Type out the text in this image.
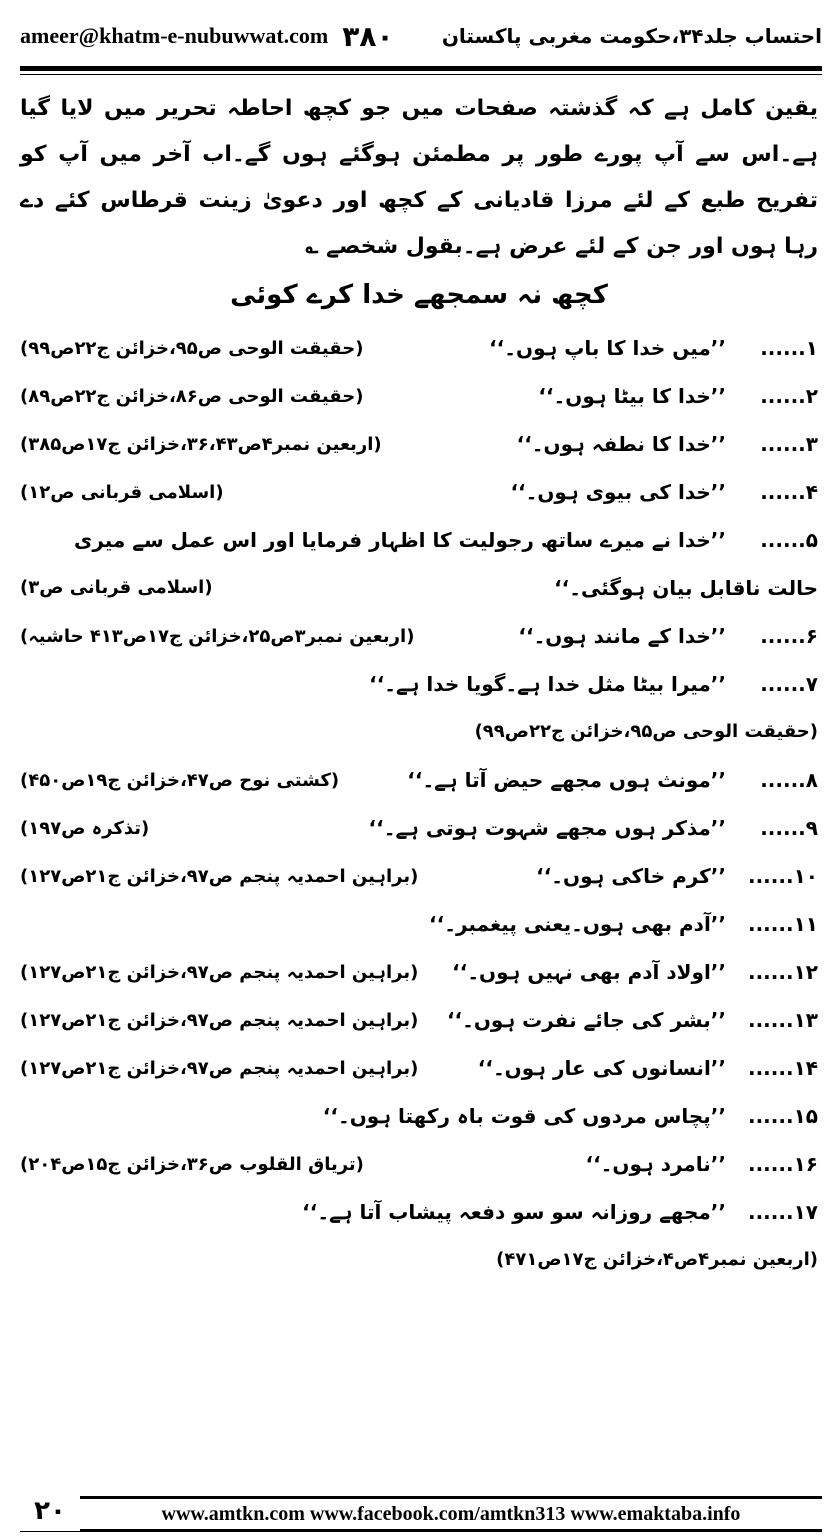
ameer@khatm-e-nubuwwat.com ۳۸۰ احتساب جلد۳۴،حکومت مغربی پاکستان

یقین کامل ہے کہ گذشتہ صفحات میں جو کچھ احاطہ تحریر میں لایا گیا ہے۔اس سے آپ پورے طور پر مطمئن ہوگئے ہوں گے۔اب آخر میں آپ کو تفریح طبع کے لئے مرزا قادیانی کے کچھ اور دعویٰ زینت قرطاس کئے دے رہا ہوں اور جن کے لئے عرض ہے۔بقول شخصے ؎

کچھ نہ سمجھے خدا کرے کوئی

۱......
’’میں خدا کا باپ ہوں۔‘‘
(حقیقت الوحی ص۹۵،خزائن ج۲۲ص۹۹)
۲......
’’خدا کا بیٹا ہوں۔‘‘
(حقیقت الوحی ص۸۶،خزائن ج۲۲ص۸۹)
۳......
’’خدا کا نطفہ ہوں۔‘‘
(اربعین نمبر۴ص۳۶،۴۳،خزائن ج۱۷ص۳۸۵)
۴......
’’خدا کی بیوی ہوں۔‘‘
(اسلامی قربانی ص۱۲)
۵......
’’خدا نے میرے ساتھ رجولیت کا اظہار فرمایا اور اس عمل سے میری
حالت ناقابل بیان ہوگئی۔‘‘
(اسلامی قربانی ص۳)
۶......
’’خدا کے مانند ہوں۔‘‘
(اربعین نمبر۳ص۲۵،خزائن ج۱۷ص۴۱۳ حاشیہ)
۷......
’’میرا بیٹا مثل خدا ہے۔گویا خدا ہے۔‘‘
(حقیقت الوحی ص۹۵،خزائن ج۲۲ص۹۹)
۸......
’’مونث ہوں مجھے حیض آتا ہے۔‘‘
(کشتی نوح ص۴۷،خزائن ج۱۹ص۴۵۰)
۹......
’’مذکر ہوں مجھے شہوت ہوتی ہے۔‘‘
(تذکرہ ص۱۹۷)
۱۰......
’’کرم خاکی ہوں۔‘‘
(براہین احمدیہ پنجم ص۹۷،خزائن ج۲۱ص۱۲۷)
۱۱......
’’آدم بھی ہوں۔یعنی پیغمبر۔‘‘
۱۲......
’’اولاد آدم بھی نہیں ہوں۔‘‘
(براہین احمدیہ پنجم ص۹۷،خزائن ج۲۱ص۱۲۷)
۱۳......
’’بشر کی جائے نفرت ہوں۔‘‘
(براہین احمدیہ پنجم ص۹۷،خزائن ج۲۱ص۱۲۷)
۱۴......
’’انسانوں کی عار ہوں۔‘‘
(براہین احمدیہ پنجم ص۹۷،خزائن ج۲۱ص۱۲۷)
۱۵......
’’پچاس مردوں کی قوت باہ رکھتا ہوں۔‘‘
۱۶......
’’نامرد ہوں۔‘‘
(تریاق القلوب ص۳۶،خزائن ج۱۵ص۲۰۴)
۱۷......
’’مجھے روزانہ سو سو دفعہ پیشاب آتا ہے۔‘‘
(اربعین نمبر۴ص۴،خزائن ج۱۷ص۴۷۱)
۲۰	www.amtkn.com www.facebook.com/amtkn313 www.emaktaba.info
